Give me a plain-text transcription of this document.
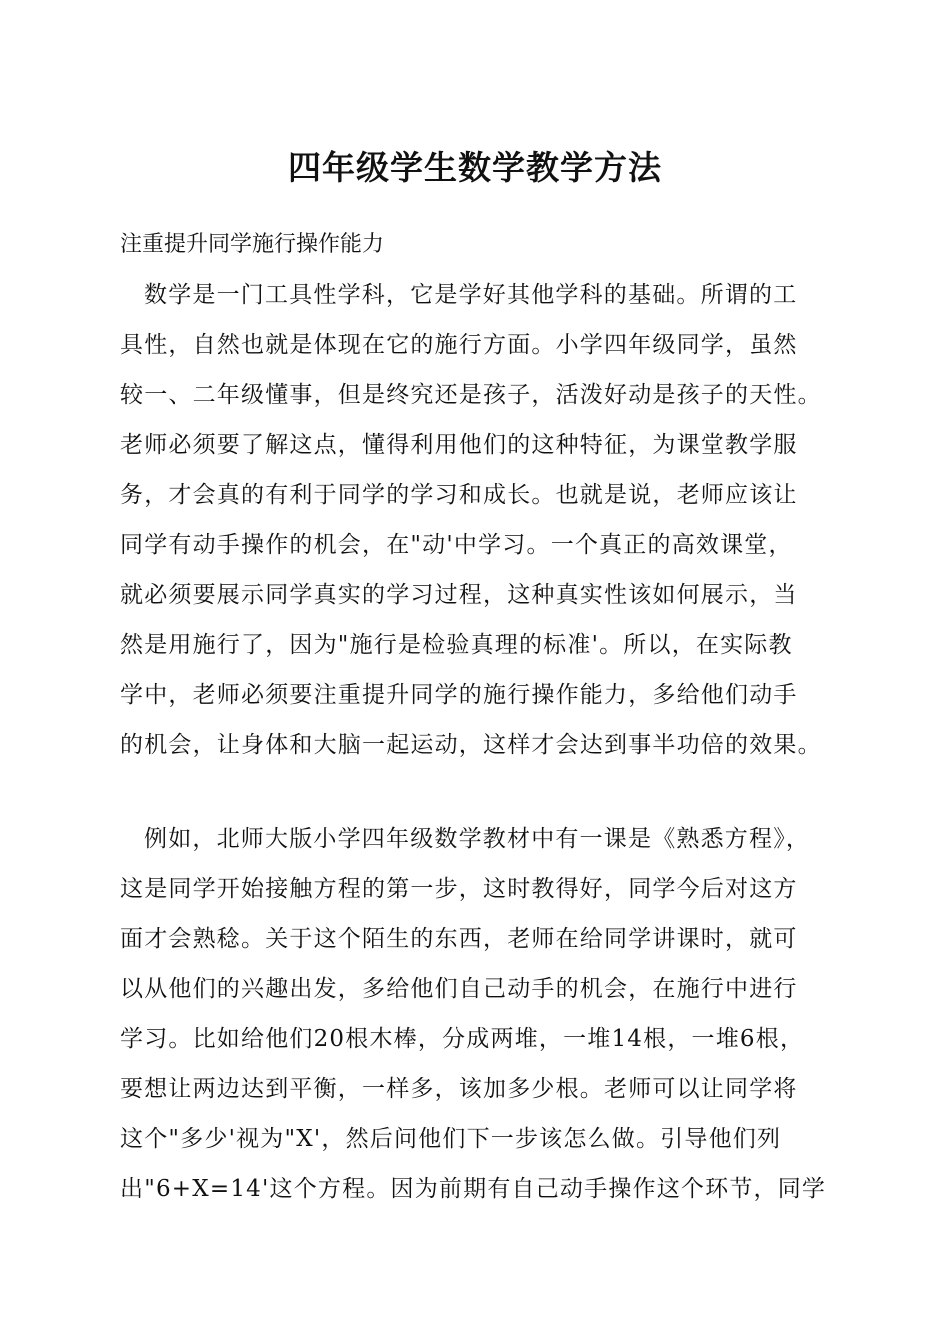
四年级学生数学教学方法
注重提升同学施行操作能力
数学是一门工具性学科，它是学好其他学科的基础。所谓的工
具性，自然也就是体现在它的施行方面。小学四年级同学，虽然
较一、二年级懂事，但是终究还是孩子，活泼好动是孩子的天性。
老师必须要了解这点，懂得利用他们的这种特征，为课堂教学服
务，才会真的有利于同学的学习和成长。也就是说，老师应该让
同学有动手操作的机会，在"动'中学习。一个真正的高效课堂，
就必须要展示同学真实的学习过程，这种真实性该如何展示，当
然是用施行了，因为"施行是检验真理的标准'。所以，在实际教
学中，老师必须要注重提升同学的施行操作能力，多给他们动手
的机会，让身体和大脑一起运动，这样才会达到事半功倍的效果。
例如，北师大版小学四年级数学教材中有一课是《熟悉方程》，
这是同学开始接触方程的第一步，这时教得好，同学今后对这方
面才会熟稔。关于这个陌生的东西，老师在给同学讲课时，就可
以从他们的兴趣出发，多给他们自己动手的机会，在施行中进行
学习。比如给他们20根木棒，分成两堆，一堆14根，一堆6根，
要想让两边达到平衡，一样多，该加多少根。老师可以让同学将
这个"多少'视为"X'，然后问他们下一步该怎么做。引导他们列
出"6+X=14'这个方程。因为前期有自己动手操作这个环节，同学
